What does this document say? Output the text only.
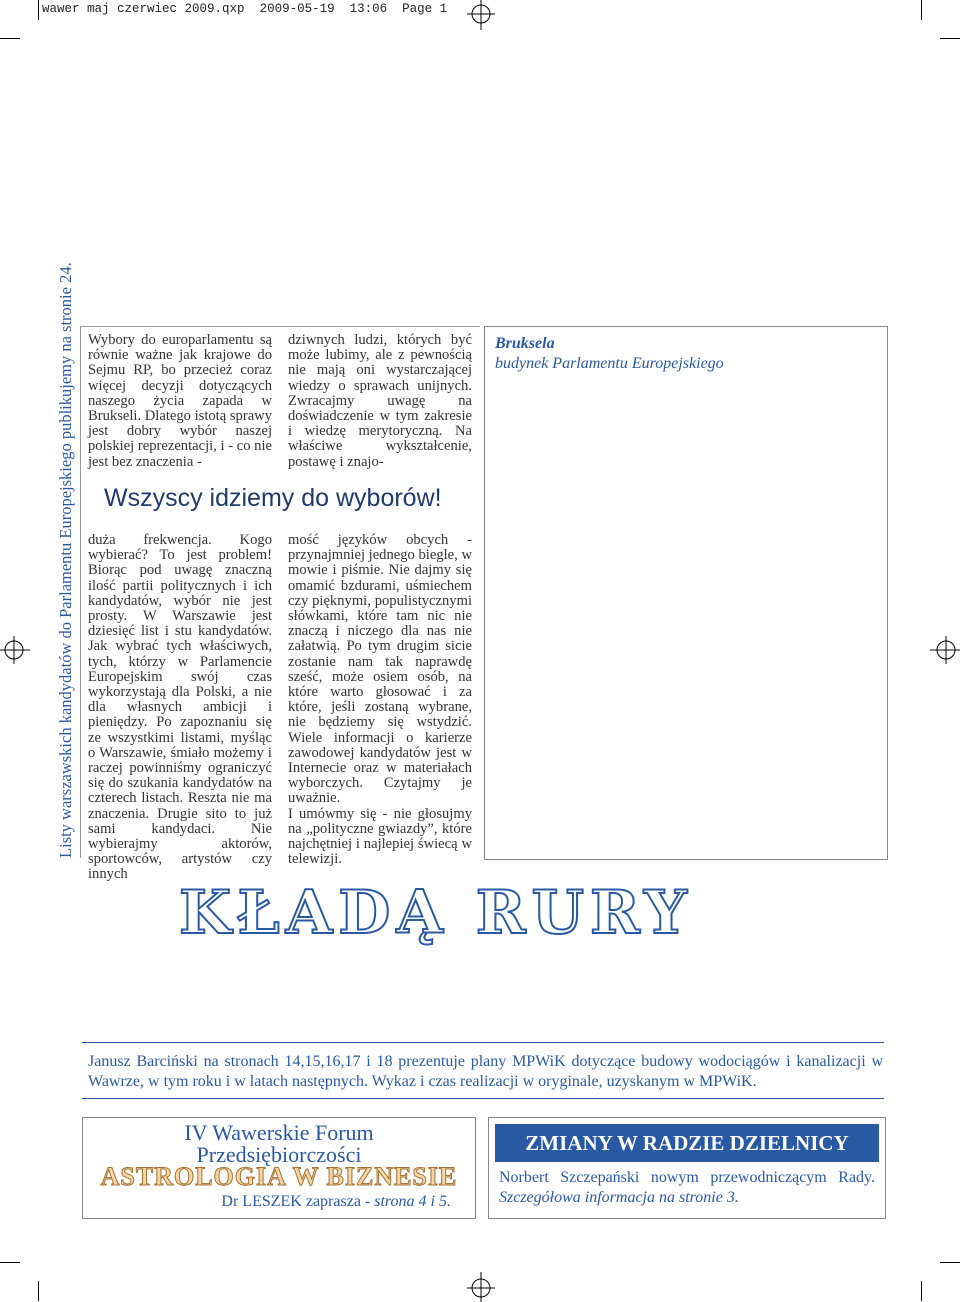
wawer maj czerwiec 2009.qxp 2009-05-19 13:06 Page 1
Listy warszawskich kandydatów do Parlamentu Europejskiego publikujemy na stronie 24. Wybory do europarlamentu są równie ważne jak krajowe do Sejmu RP, bo przecież coraz więcej decyzji dotyczących naszego życia zapada w Brukseli. Dlatego istotą sprawy jest dobry wybór naszej polskiej reprezentacji, i - co nie jest bez znaczenia -

dziwnych ludzi, których być może lubimy, ale z pewnością nie mają oni wystarczającej wiedzy o sprawach unijnych. Zwracajmy uwagę na doświadczenie w tym zakresie i wiedzę merytoryczną. Na właściwe wykształcenie, postawę i znajo-

Wszyscy idziemy do wyborów!

duża frekwencja. Kogo wybierać? To jest problem! Biorąc pod uwagę znaczną ilość partii politycznych i ich kandydatów, wybór nie jest prosty. W Warszawie jest dziesięć list i stu kandydatów. Jak wybrać tych właściwych, tych, którzy w Parlamencie Europejskim swój czas wykorzystają dla Polski, a nie dla własnych ambicji i pieniędzy. Po zapoznaniu się ze wszystkimi listami, myśląc o Warszawie, śmiało możemy i raczej powinniśmy ograniczyć się do szukania kandydatów na czterech listach. Reszta nie ma znaczenia. Drugie sito to już sami kandydaci. Nie wybierajmy aktorów, sportowców, artystów czy innych

mość języków obcych - przynajmniej jednego biegle, w mowie i piśmie. Nie dajmy się omamić bzdurami, uśmiechem czy pięknymi, populistycznymi słówkami, które tam nic nie znaczą i niczego dla nas nie załatwią. Po tym drugim sicie zostanie nam tak naprawdę sześć, może osiem osób, na które warto głosować i za które, jeśli zostaną wybrane, nie będziemy się wstydzić. Wiele informacji o karierze zawodowej kandydatów jest w Internecie oraz w materiałach wyborczych. Czytajmy je uważnie.

I umówmy się - nie głosujmy na „polityczne gwiazdy”, które najchętniej i najlepiej świecą w telewizji.

Bruksela
budynek Parlamentu Europejskiego
KŁADĄ RURY
Janusz Barciński na stronach 14,15,16,17 i 18 prezentuje plany MPWiK dotyczące budowy wodociągów i kanalizacji w Wawrze, w tym roku i w latach następnych. Wykaz i czas realizacji w oryginale, uzyskanym w MPWiK.
IV Wawerskie Forum
Przedsiębiorczości
ASTROLOGIA W BIZNESIE
Dr LESZEK zaprasza - strona 4 i 5.
ZMIANY W RADZIE DZIELNICY
Norbert Szczepański nowym przewodniczącym Rady. Szczegółowa informacja na stronie 3.
